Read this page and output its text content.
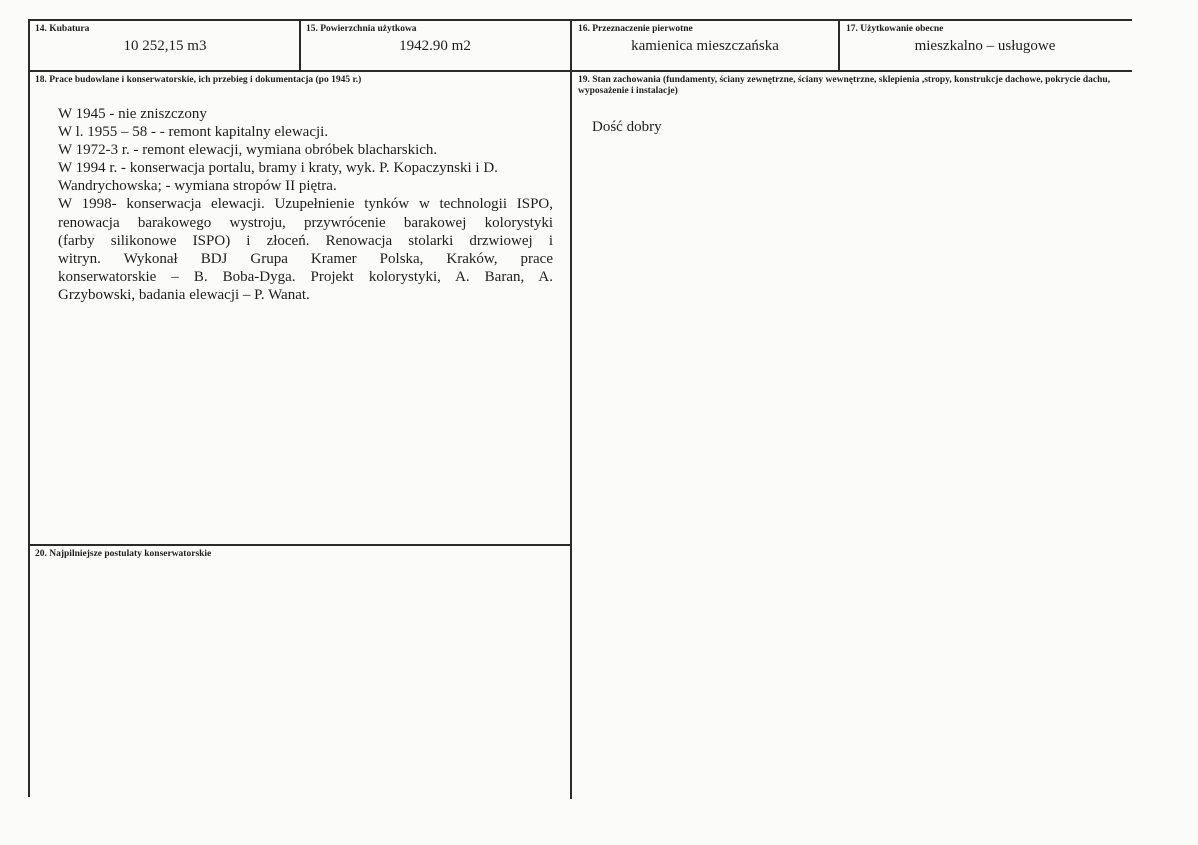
14. Kubatura
10 252,15 m3
15. Powierzchnia użytkowa
1942.90 m2
16. Przeznaczenie pierwotne
kamienica mieszczańska
17. Użytkowanie obecne
mieszkalno – usługowe
18. Prace budowlane i konserwatorskie, ich przebieg i dokumentacja (po 1945 r.)
W 1945 - nie zniszczony
W l. 1955 – 58 - - remont kapitalny elewacji.
W 1972-3 r. - remont elewacji, wymiana obróbek blacharskich.
W 1994 r. - konserwacja portalu, bramy i kraty, wyk. P. Kopaczynski i D.
Wandrychowska; - wymiana stropów II piętra.
W 1998- konserwacja elewacji. Uzupełnienie tynków w technologii ISPO,
renowacja barakowego wystroju, przywrócenie barakowej kolorystyki
(farby silikonowe ISPO) i złoceń. Renowacja stolarki drzwiowej i
witryn. Wykonał BDJ Grupa Kramer Polska, Kraków, prace
konserwatorskie – B. Boba-Dyga. Projekt kolorystyki, A. Baran, A.
Grzybowski, badania elewacji – P. Wanat.
19. Stan zachowania (fundamenty, ściany zewnętrzne, ściany wewnętrzne, sklepienia ,stropy, konstrukcje dachowe, pokrycie dachu, wyposażenie i instalacje)
Dość dobry
20. Najpilniejsze postulaty konserwatorskie
